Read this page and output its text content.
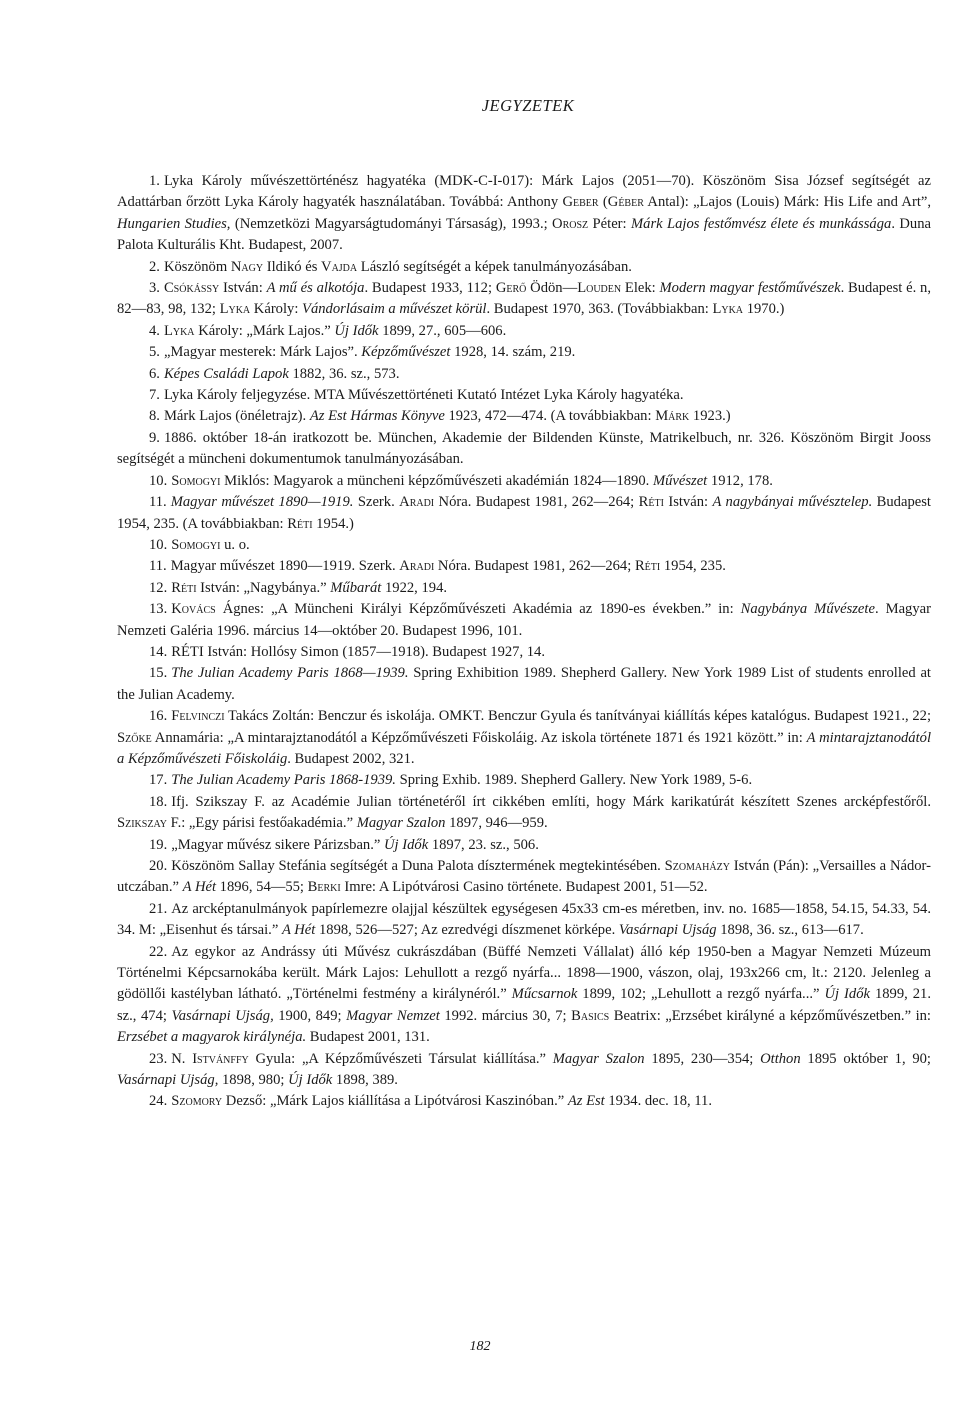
JEGYZETEK

1. Lyka Károly művészettörténész hagyatéka (MDK-C-I-017): Márk Lajos (2051—70). Köszönöm Sisa József segítségét az Adattárban őrzött Lyka Károly hagyaték használatában. Továbbá: Anthony Geber (Géber Antal): „Lajos (Louis) Márk: His Life and Art”, Hungarien Studies, (Nemzetközi Magyarságtudományi Társaság), 1993.; Orosz Péter: Márk Lajos festőmvész élete és munkássága. Duna Palota Kulturális Kht. Budapest, 2007.

2. Köszönöm Nagy Ildikó és Vajda László segítségét a képek tanulmányozásában.

3. Csókássy István: A mű és alkotója. Budapest 1933, 112; Gerő Ödön—Louden Elek: Modern magyar festőművészek. Budapest é. n, 82—83, 98, 132; Lyka Károly: Vándorlásaim a művészet körül. Budapest 1970, 363. (Továbbiakban: Lyka 1970.)

4. Lyka Károly: „Márk Lajos.” Új Idők 1899, 27., 605—606.

5. „Magyar mesterek: Márk Lajos”. Képzőművészet 1928, 14. szám, 219.

6. Képes Családi Lapok 1882, 36. sz., 573.

7. Lyka Károly feljegyzése. MTA Művészettörténeti Kutató Intézet Lyka Károly hagyatéka.

8. Márk Lajos (önéletrajz). Az Est Hármas Könyve 1923, 472—474. (A továbbiakban: Márk 1923.)

9. 1886. október 18-án iratkozott be. München, Akademie der Bildenden Künste, Matrikelbuch, nr. 326. Köszönöm Birgit Jooss segítségét a müncheni dokumentumok tanulmányozásában.

10. Somogyi Miklós: Magyarok a müncheni képzőművészeti akadémián 1824—1890. Művészet 1912, 178.

11. Magyar művészet 1890—1919. Szerk. Aradi Nóra. Budapest 1981, 262—264; Réti István: A nagybányai művésztelep. Budapest 1954, 235. (A továbbiakban: Réti 1954.)

10. Somogyi u. o.

11. Magyar művészet 1890—1919. Szerk. Aradi Nóra. Budapest 1981, 262—264; Réti 1954, 235.

12. Réti István: „Nagybánya.” Műbarát 1922, 194.

13. Kovács Ágnes: „A Müncheni Királyi Képzőművészeti Akadémia az 1890-es években.” in: Nagybánya Művészete. Magyar Nemzeti Galéria 1996. március 14—október 20. Budapest 1996, 101.

14. RÉTI István: Hollósy Simon (1857—1918). Budapest 1927, 14.

15. The Julian Academy Paris 1868—1939. Spring Exhibition 1989. Shepherd Gallery. New York 1989 List of students enrolled at the Julian Academy.

16. Felvinczi Takács Zoltán: Benczur és iskolája. OMKT. Benczur Gyula és tanítványai kiállítás képes katalógus. Budapest 1921., 22; Szőke Annamária: „A mintarajztanodától a Képzőművészeti Főiskoláig. Az iskola története 1871 és 1921 között.” in: A mintarajztanodától a Képzőművészeti Főiskoláig. Budapest 2002, 321.

17. The Julian Academy Paris 1868-1939. Spring Exhib. 1989. Shepherd Gallery. New York 1989, 5-6.

18. Ifj. Szikszay F. az Académie Julian történetéről írt cikkében említi, hogy Márk karikatúrát készített Szenes arcképfestőről. Szikszay F.: „Egy párisi festőakadémia.” Magyar Szalon 1897, 946—959.

19. „Magyar művész sikere Párizsban.” Új Idők 1897, 23. sz., 506.

20. Köszönöm Sallay Stefánia segítségét a Duna Palota dísztermének megtekintésében. Szomaházy István (Pán): „Versailles a Nádor-utczában.” A Hét 1896, 54—55; Berki Imre: A Lipótvárosi Casino története. Budapest 2001, 51—52.

21. Az arcképtanulmányok papírlemezre olajjal készültek egységesen 45x33 cm-es méretben, inv. no. 1685—1858, 54.15, 54.33, 54. 34. M: „Eisenhut és társai.” A Hét 1898, 526—527; Az ezredvégi díszmenet körképe. Vasárnapi Ujság 1898, 36. sz., 613—617.

22. Az egykor az Andrássy úti Művész cukrászdában (Büffé Nemzeti Vállalat) álló kép 1950-ben a Magyar Nemzeti Múzeum Történelmi Képcsarnokába került. Márk Lajos: Lehullott a rezgő nyárfa... 1898—1900, vászon, olaj, 193x266 cm, lt.: 2120. Jelenleg a gödöllői kastélyban látható. „Történelmi festmény a királynéról.” Műcsarnok 1899, 102; „Lehullott a rezgő nyárfa...” Új Idők 1899, 21. sz., 474; Vasárnapi Ujság, 1900, 849; Magyar Nemzet 1992. március 30, 7; Basics Beatrix: „Erzsébet királyné a képzőművészetben.” in: Erzsébet a magyarok királynéja. Budapest 2001, 131.

23. N. Istvánffy Gyula: „A Képzőművészeti Társulat kiállítása.” Magyar Szalon 1895, 230—354; Otthon 1895 október 1, 90; Vasárnapi Ujság, 1898, 980; Új Idők 1898, 389.

24. Szomory Dezső: „Márk Lajos kiállítása a Lipótvárosi Kaszinóban.” Az Est 1934. dec. 18, 11.

182
